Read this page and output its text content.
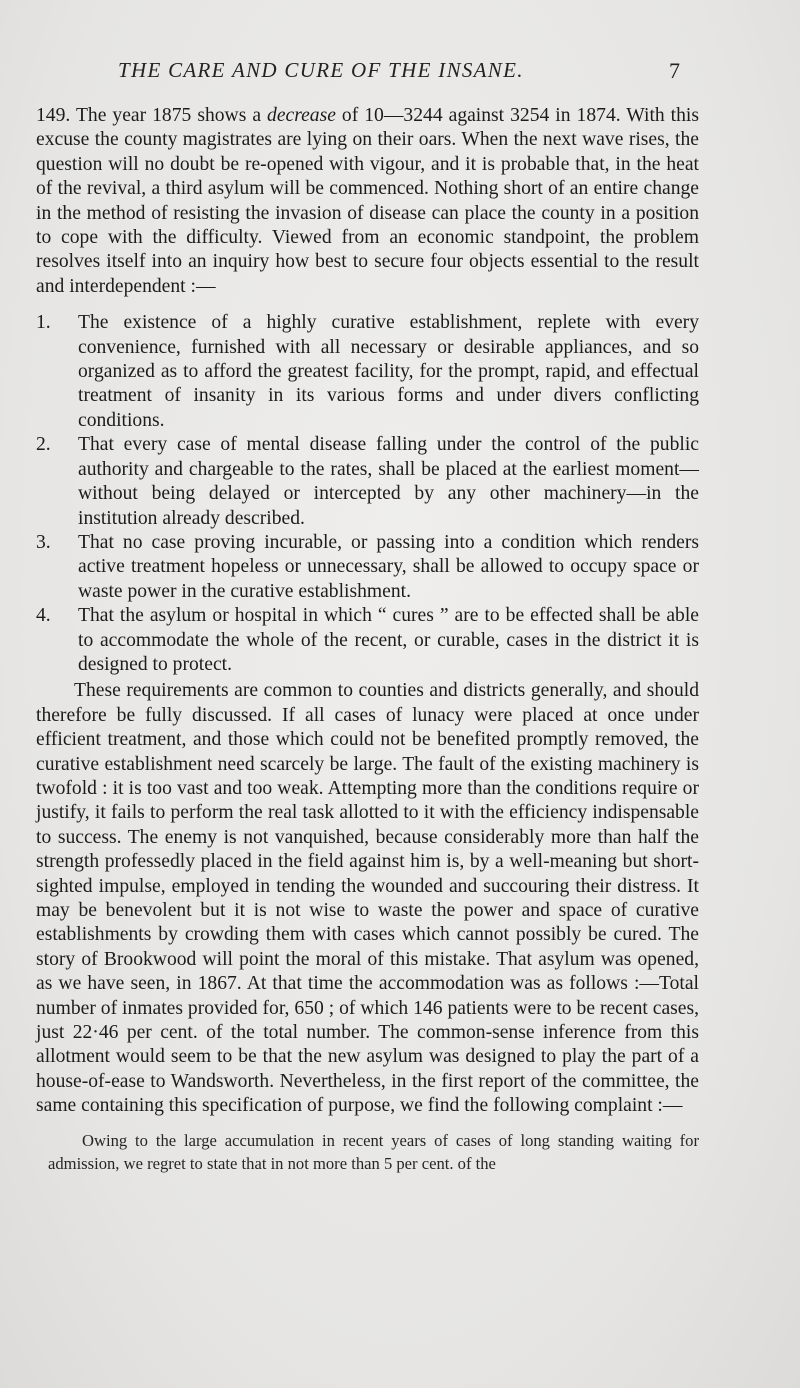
THE CARE AND CURE OF THE INSANE.	7

149. The year 1875 shows a decrease of 10—3244 against 3254 in 1874. With this excuse the county magistrates are lying on their oars. When the next wave rises, the question will no doubt be re-opened with vigour, and it is probable that, in the heat of the revival, a third asylum will be commenced. Nothing short of an entire change in the method of resisting the invasion of disease can place the county in a position to cope with the difficulty. Viewed from an economic standpoint, the problem resolves itself into an inquiry how best to secure four objects essential to the result and interdependent :—

1.	The existence of a highly curative establishment, replete with every convenience, furnished with all necessary or desirable appliances, and so organized as to afford the greatest facility, for the prompt, rapid, and effectual treatment of insanity in its various forms and under divers conflicting conditions.
2.	That every case of mental disease falling under the control of the public authority and chargeable to the rates, shall be placed at the earliest moment—without being delayed or intercepted by any other machinery—in the institution already described.
3.	That no case proving incurable, or passing into a condition which renders active treatment hopeless or unnecessary, shall be allowed to occupy space or waste power in the curative establishment.
4.	That the asylum or hospital in which “ cures ” are to be effected shall be able to accommodate the whole of the recent, or curable, cases in the district it is designed to protect.

These requirements are common to counties and districts generally, and should therefore be fully discussed. If all cases of lunacy were placed at once under efficient treatment, and those which could not be benefited promptly removed, the curative establishment need scarcely be large. The fault of the existing machinery is twofold : it is too vast and too weak. Attempting more than the conditions require or justify, it fails to perform the real task allotted to it with the efficiency indispensable to success. The enemy is not vanquished, because considerably more than half the strength professedly placed in the field against him is, by a well-meaning but short-sighted impulse, employed in tending the wounded and succouring their distress. It may be benevolent but it is not wise to waste the power and space of curative establishments by crowding them with cases which cannot possibly be cured. The story of Brookwood will point the moral of this mistake. That asylum was opened, as we have seen, in 1867. At that time the accommodation was as follows :—Total number of inmates provided for, 650 ; of which 146 patients were to be recent cases, just 22·46 per cent. of the total number. The common-sense inference from this allotment would seem to be that the new asylum was designed to play the part of a house-of-ease to Wandsworth. Nevertheless, in the first report of the committee, the same containing this specification of purpose, we find the following complaint :—

Owing to the large accumulation in recent years of cases of long standing waiting for admission, we regret to state that in not more than 5 per cent. of the
